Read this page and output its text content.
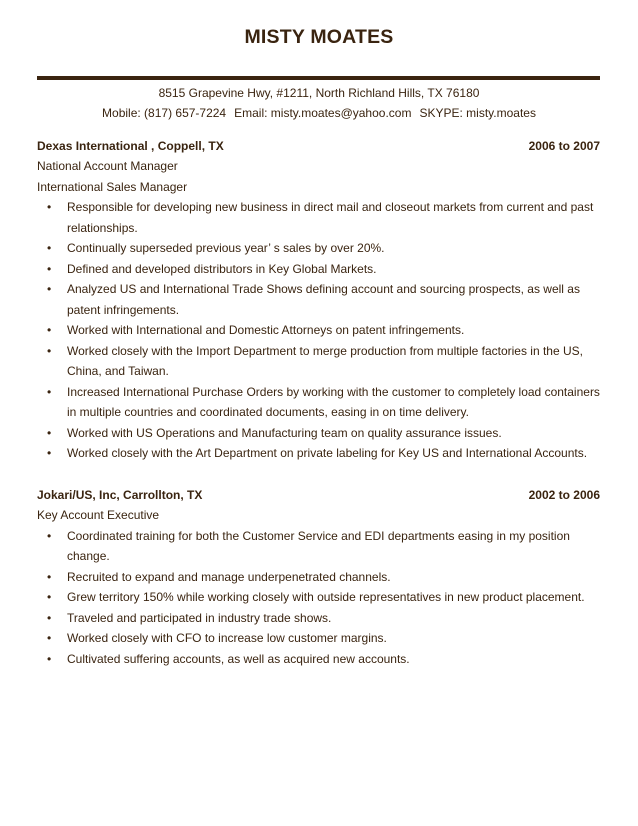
MISTY MOATES
8515 Grapevine Hwy, #1211, North Richland Hills, TX 76180
Mobile: (817) 657-7224 Email: misty.moates@yahoo.com SKYPE: misty.moates
Dexas International , Coppell, TX	2006 to 2007
National Account Manager
International Sales Manager
• Responsible for developing new business in direct mail and closeout markets from current and past relationships.
• Continually superseded previous year’ s sales by over 20%.
• Defined and developed distributors in Key Global Markets.
• Analyzed US and International Trade Shows defining account and sourcing prospects, as well as patent infringements.
• Worked with International and Domestic Attorneys on patent infringements.
• Worked closely with the Import Department to merge production from multiple factories in the US, China, and Taiwan.
• Increased International Purchase Orders by working with the customer to completely load containers in multiple countries and coordinated documents, easing in on time delivery.
• Worked with US Operations and Manufacturing team on quality assurance issues.
• Worked closely with the Art Department on private labeling for Key US and International Accounts.
Jokari/US, Inc, Carrollton, TX	2002 to 2006
Key Account Executive
• Coordinated training for both the Customer Service and EDI departments easing in my position change.
• Recruited to expand and manage underpenetrated channels.
• Grew territory 150% while working closely with outside representatives in new product placement.
• Traveled and participated in industry trade shows.
• Worked closely with CFO to increase low customer margins.
• Cultivated suffering accounts, as well as acquired new accounts.
